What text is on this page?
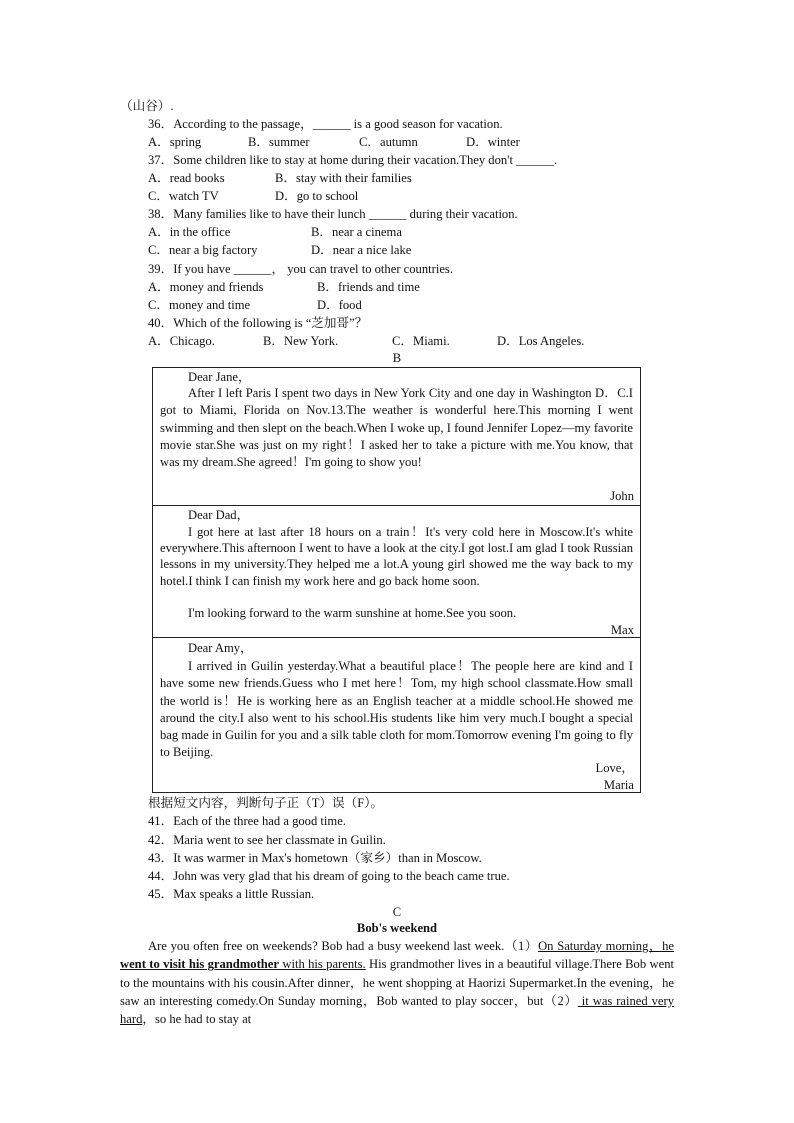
（山谷）.
36．According to the passage，______ is a good season for vacation.
A．spring	B．summer	C．autumn	D．winter
37．Some children like to stay at home during their vacation.They don't ______.
A．read books	B．stay with their families
C．watch TV	D．go to school
38．Many families like to have their lunch ______ during their vacation.
A．in the office	B．near a cinema
C．near a big factory	D．near a nice lake
39．If you have ______， you can travel to other countries.
A．money and friends	B．friends and time
C．money and time	D．food
40．Which of the following is “芝加哥”？
A．Chicago.	B．New York.	C．Miami.	D．Los Angeles.
B
Dear Jane，
After I left Paris I spent two days in New York City and one day in Washington D．C.I got to Miami, Florida on Nov.13.The weather is wonderful here.This morning I went swimming and then slept on the beach.When I woke up, I found Jennifer Lopez—my favorite movie star.She was just on my right！I asked her to take a picture with me.You know, that was my dream.She agreed！I'm going to show you!
John
Dear Dad，
I got here at last after 18 hours on a train！It's very cold here in Moscow.It's white everywhere.This afternoon I went to have a look at the city.I got lost.I am glad I took Russian lessons in my university.They helped me a lot.A young girl showed me the way back to my hotel.I think I can finish my work here and go back home soon.
I'm looking forward to the warm sunshine at home.See you soon.
Max
Dear Amy，
I arrived in Guilin yesterday.What a beautiful place！The people here are kind and I have some new friends.Guess who I met here！Tom, my high school classmate.How small the world is！He is working here as an English teacher at a middle school.He showed me around the city.I also went to his school.His students like him very much.I bought a special bag made in Guilin for you and a silk table cloth for mom.Tomorrow evening I'm going to fly to Beijing.
Love，
Maria
根据短文内容，判断句子正（T）误（F）。
41．Each of the three had a good time.
42．Maria went to see her classmate in Guilin.
43．It was warmer in Max's hometown（家乡）than in Moscow.
44．John was very glad that his dream of going to the beach came true.
45．Max speaks a little Russian.
C
Bob's weekend
Are you often free on weekends? Bob had a busy weekend last week.（1）On Saturday morning，he went to visit his grandmother with his parents. His grandmother lives in a beautiful village.There Bob went to the mountains with his cousin.After dinner，he went shopping at Haorizi Supermarket.In the evening，he saw an interesting comedy.On Sunday morning，Bob wanted to play soccer，but（2） it was rained very hard，so he had to stay at
